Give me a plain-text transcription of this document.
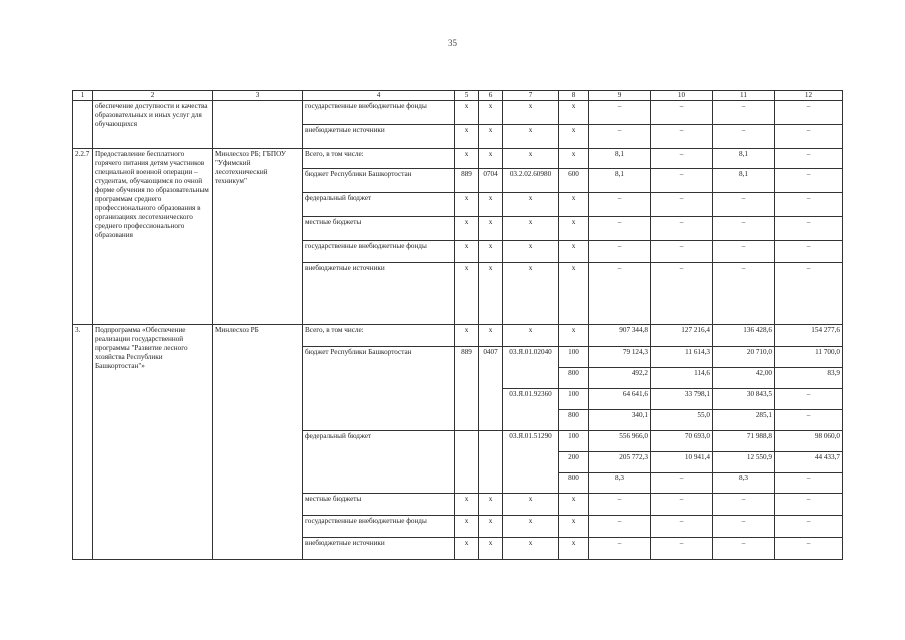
35
1	2	3	4	5	6	7	8	9	10	11	12
	обеспечение доступности и качества образовательных и иных услуг для обучающихся		государственные внебюджетные фонды	х	х	х	х	–	–	–	–
			внебюджетные источники	х	х	х	х	–	–	–	–
2.2.7	Предоставление бесплатного горячего питания детям участников специальной военной операции – студентам, обучающимся по очной форме обучения по образовательным программам среднего профессионального образования в организациях лесотехнического среднего профессионального образования	Минлесхоз РБ; ГБПОУ "Уфимский лесотехнический техникум"	Всего, в том числе:	х	х	х	х	8,1	–	8,1	–
			бюджет Республики Башкортостан	889	0704	03.2.02.60980	600	8,1	–	8,1	–
			федеральный бюджет	х	х	х	х	–	–	–	–
			местные бюджеты	х	х	х	х	–	–	–	–
			государственные внебюджетные фонды	х	х	х	х	–	–	–	–
			внебюджетные источники	х	х	х	х	–	–	–	–
3.	Подпрограмма «Обеспечение реализации государственной программы "Развитие лесного хозяйства Республики Башкортостан"»	Минлесхоз РБ	Всего, в том числе:	х	х	х	х	907 344,8	127 216,4	136 428,6	154 277,6
			бюджет Республики Башкортостан	889	0407	03.Я.01.02040	100	79 124,3	11 614,3	20 710,0	11 700,0
							800	492,2	114,6	42,00	83,9
						03.Я.01.92360	100	64 641,6	33 798,1	30 843,5	–
							800	340,1	55,0	285,1	–
			федеральный бюджет			03.Я.01.51290	100	556 966,0	70 693,0	71 988,8	98 060,0
							200	205 772,3	10 941,4	12 550,9	44 433,7
							800	8,3	–	8,3	–
			местные бюджеты	х	х	х	х	–	–	–	–
			государственные внебюджетные фонды	х	х	х	х	–	–	–	–
			внебюджетные источники	х	х	х	х	–	–	–	–
